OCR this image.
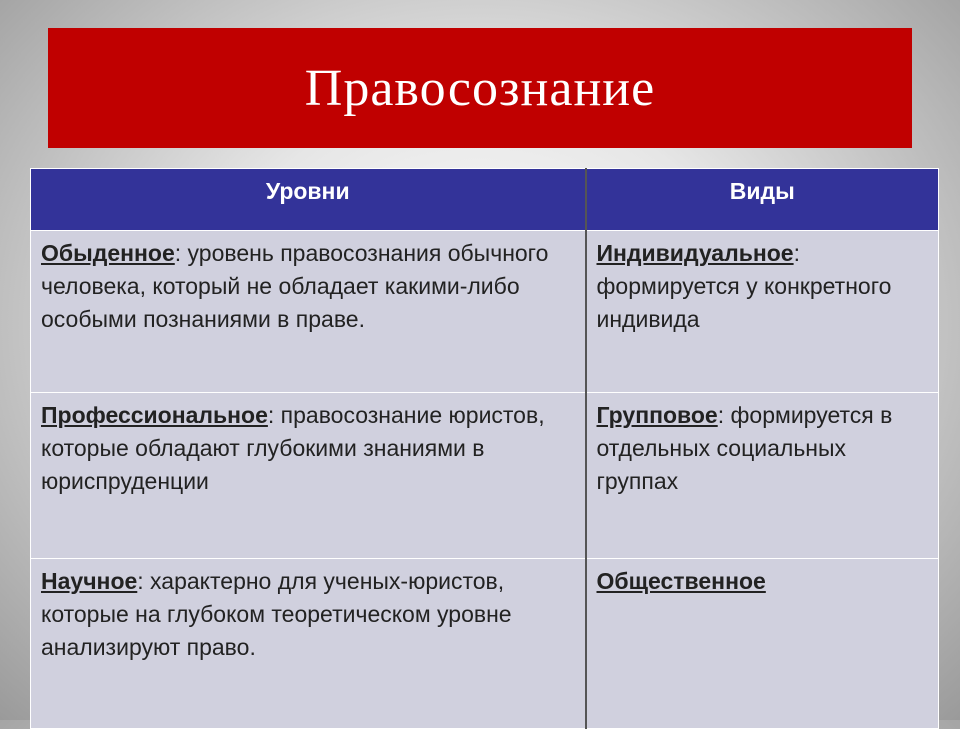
Правосознание
Уровни	Виды
Обыденное: уровень правосознания обычного человека, который не обладает какими-либо особыми познаниями в праве.	Индивидуальное: формируется у конкретного индивида
Профессиональное: правосознание юристов, которые обладают глубокими знаниями в юриспруденции	Групповое: формируется в отдельных социальных группах
Научное: характерно для ученых-юристов, которые на глубоком теоретическом уровне анализируют право.	Общественное
